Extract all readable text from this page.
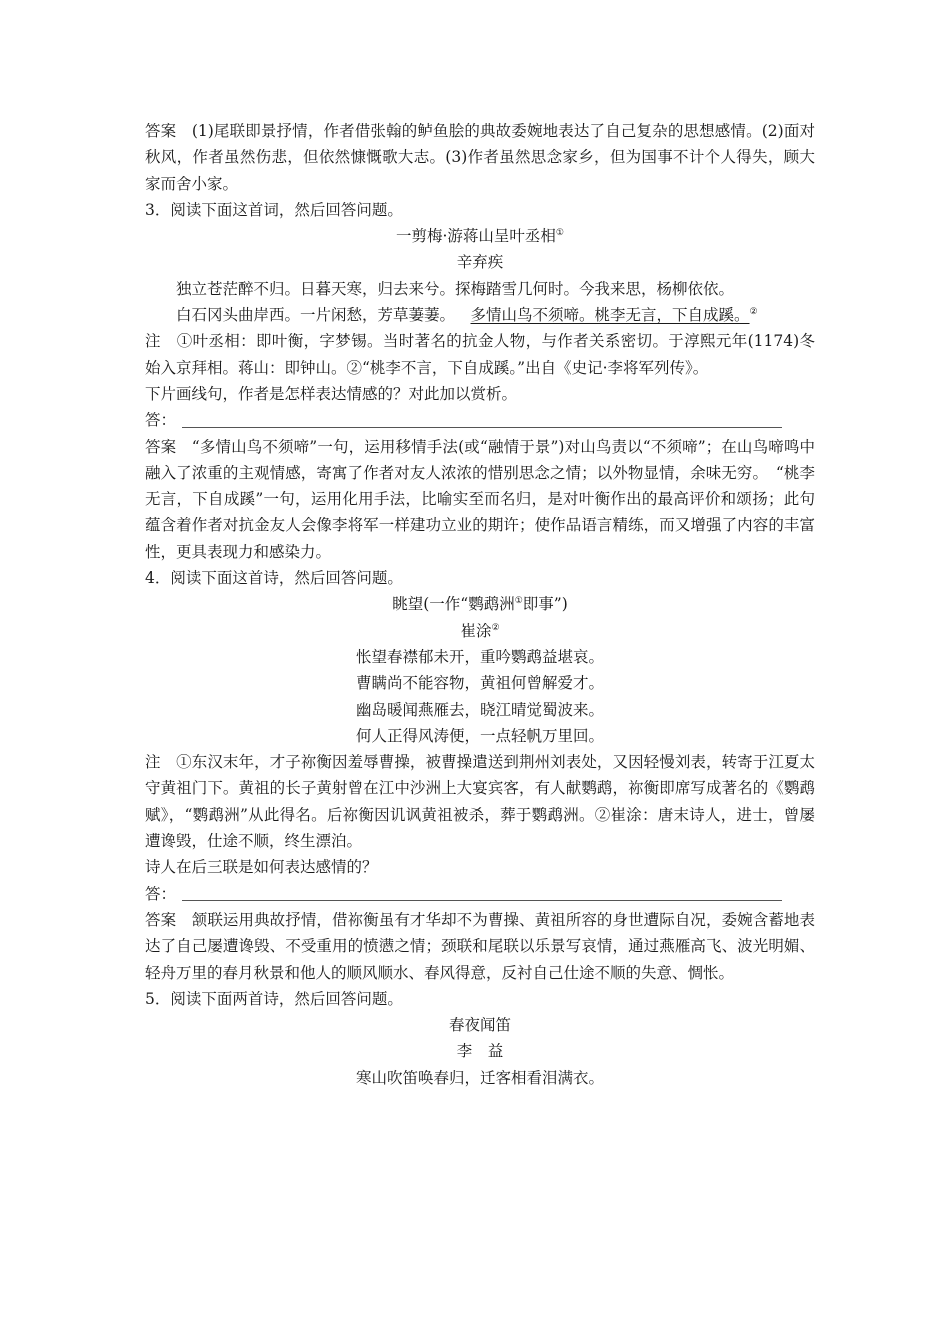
答案 (1)尾联即景抒情，作者借张翰的鲈鱼脍的典故委婉地表达了自己复杂的思想感情。(2)面对秋风，作者虽然伤悲，但依然慷慨歌大志。(3)作者虽然思念家乡，但为国事不计个人得失，顾大家而舍小家。

3．阅读下面这首词，然后回答问题。

一剪梅·游蒋山呈叶丞相①

辛弃疾

独立苍茫醉不归。日暮天寒，归去来兮。探梅踏雪几何时。今我来思，杨柳依依。

白石冈头曲岸西。一片闲愁，芳草萋萋。 多情山鸟不须啼。桃李无言，下自成蹊。②

注　①叶丞相：即叶衡，字梦锡。当时著名的抗金人物，与作者关系密切。于淳熙元年(1174)冬始入京拜相。蒋山：即钟山。②“桃李不言，下自成蹊。”出自《史记·李将军列传》。

下片画线句，作者是怎样表达情感的？对此加以赏析。

答：

答案 “多情山鸟不须啼”一句，运用移情手法(或“融情于景”)对山鸟责以“不须啼”；在山鸟啼鸣中融入了浓重的主观情感，寄寓了作者对友人浓浓的惜别思念之情；以外物显情，余味无穷。　“桃李无言，下自成蹊”一句，运用化用手法，比喻实至而名归，是对叶衡作出的最高评价和颂扬；此句蕴含着作者对抗金友人会像李将军一样建功立业的期许；使作品语言精练，而又增强了内容的丰富性，更具表现力和感染力。

4．阅读下面这首诗，然后回答问题。

眺望(一作“鹦鹉洲①即事”)

崔涂②

怅望春襟郁未开，重吟鹦鹉益堪哀。

曹瞒尚不能容物，黄祖何曾解爱才。

幽岛暖闻燕雁去，晓江晴觉蜀波来。

何人正得风涛便，一点轻帆万里回。

注　①东汉末年，才子祢衡因羞辱曹操，被曹操遣送到荆州刘表处，又因轻慢刘表，转寄于江夏太守黄祖门下。黄祖的长子黄射曾在江中沙洲上大宴宾客，有人献鹦鹉，祢衡即席写成著名的《鹦鹉赋》，“鹦鹉洲”从此得名。后祢衡因讥讽黄祖被杀，葬于鹦鹉洲。②崔涂：唐末诗人，进士，曾屡遭谗毁，仕途不顺，终生漂泊。

诗人在后三联是如何表达感情的？

答：

答案 颔联运用典故抒情，借祢衡虽有才华却不为曹操、黄祖所容的身世遭际自况，委婉含蓄地表达了自己屡遭谗毁、不受重用的愤懑之情；颈联和尾联以乐景写哀情，通过燕雁高飞、波光明媚、轻舟万里的春月秋景和他人的顺风顺水、春风得意，反衬自己仕途不顺的失意、惆怅。

5．阅读下面两首诗，然后回答问题。

春夜闻笛

李　益

寒山吹笛唤春归，迁客相看泪满衣。
